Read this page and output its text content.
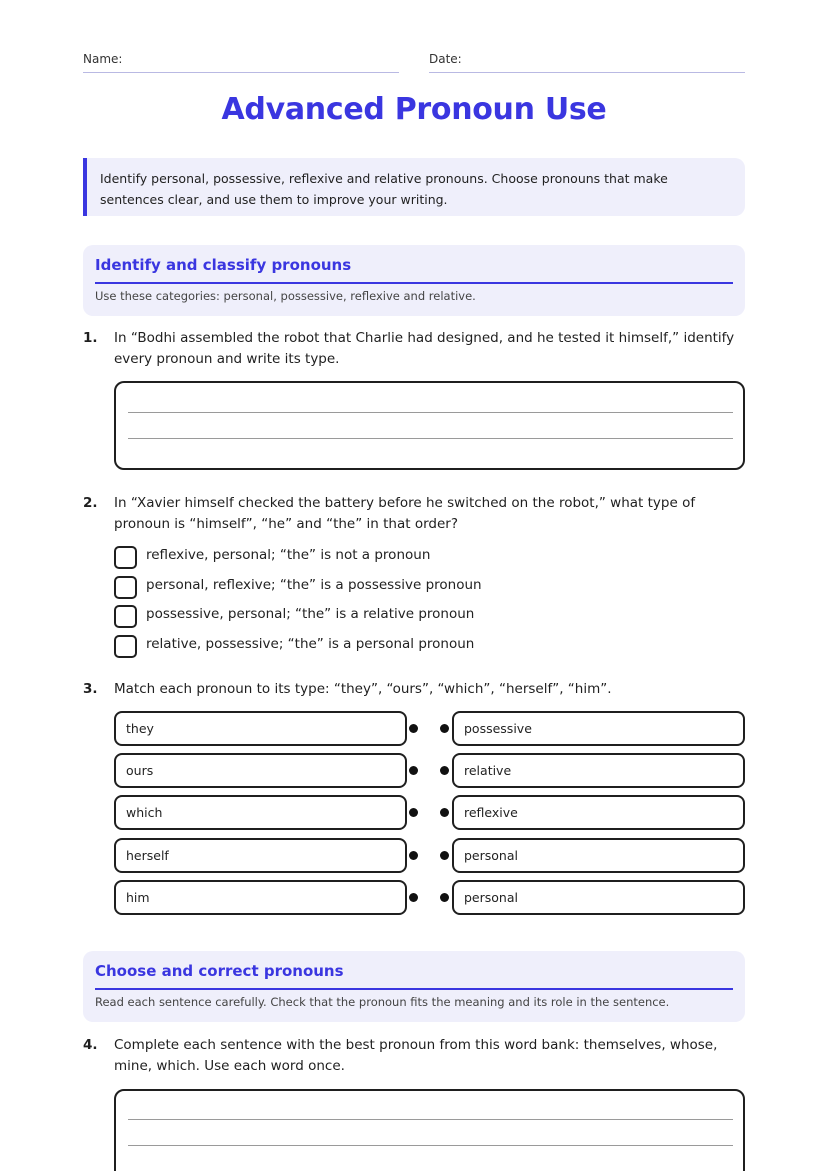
Name:	Date:
Advanced Pronoun Use
Identify personal, possessive, reflexive and relative pronouns. Choose pronouns that make sentences clear, and use them to improve your writing.
Identify and classify pronouns
Use these categories: personal, possessive, reflexive and relative.
1. In “Bodhi assembled the robot that Charlie had designed, and he tested it himself,” identify every pronoun and write its type.
2. In “Xavier himself checked the battery before he switched on the robot,” what type of pronoun is “himself”, “he” and “the” in that order?
reflexive, personal; “the” is not a pronoun
personal, reflexive; “the” is a possessive pronoun
possessive, personal; “the” is a relative pronoun
relative, possessive; “the” is a personal pronoun
3. Match each pronoun to its type: “they”, “ours”, “which”, “herself”, “him”.
they	possessive
ours	relative
which	reflexive
herself	personal
him	personal
Choose and correct pronouns
Read each sentence carefully. Check that the pronoun fits the meaning and its role in the sentence.
4. Complete each sentence with the best pronoun from this word bank: themselves, whose, mine, which. Use each word once.
